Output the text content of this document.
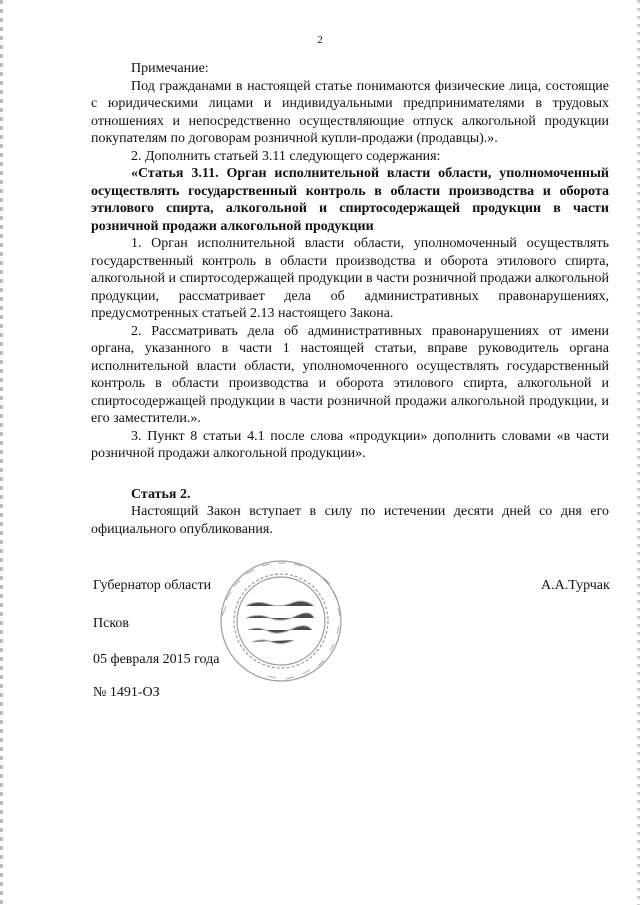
2

Примечание:

Под гражданами в настоящей статье понимаются физические лица, состоящие с юридическими лицами и индивидуальными предпринимателями в трудовых отношениях и непосредственно осуществляющие отпуск алкогольной продукции покупателям по договорам розничной купли-продажи (продавцы).».

2. Дополнить статьей 3.11 следующего содержания:

«Статья 3.11. Орган исполнительной власти области, уполномоченный осуществлять государственный контроль в области производства и оборота этилового спирта, алкогольной и спиртосодержащей продукции в части розничной продажи алкогольной продукции

1. Орган исполнительной власти области, уполномоченный осуществлять государственный контроль в области производства и оборота этилового спирта, алкогольной и спиртосодержащей продукции в части розничной продажи алкогольной продукции, рассматривает дела об административных правонарушениях, предусмотренных статьей 2.13 настоящего Закона.

2. Рассматривать дела об административных правонарушениях от имени органа, указанного в части 1 настоящей статьи, вправе руководитель органа исполнительной власти области, уполномоченного осуществлять государственный контроль в области производства и оборота этилового спирта, алкогольной и спиртосодержащей продукции в части розничной продажи алкогольной продукции, и его заместители.».

3. Пункт 8 статьи 4.1 после слова «продукции» дополнить словами «в части розничной продажи алкогольной продукции».

Статья 2.

Настоящий Закон вступает в силу по истечении десяти дней со дня его официального опубликования.

Губернатор области	А.А.Турчак
Псков
05 февраля 2015 года
№ 1491-ОЗ
